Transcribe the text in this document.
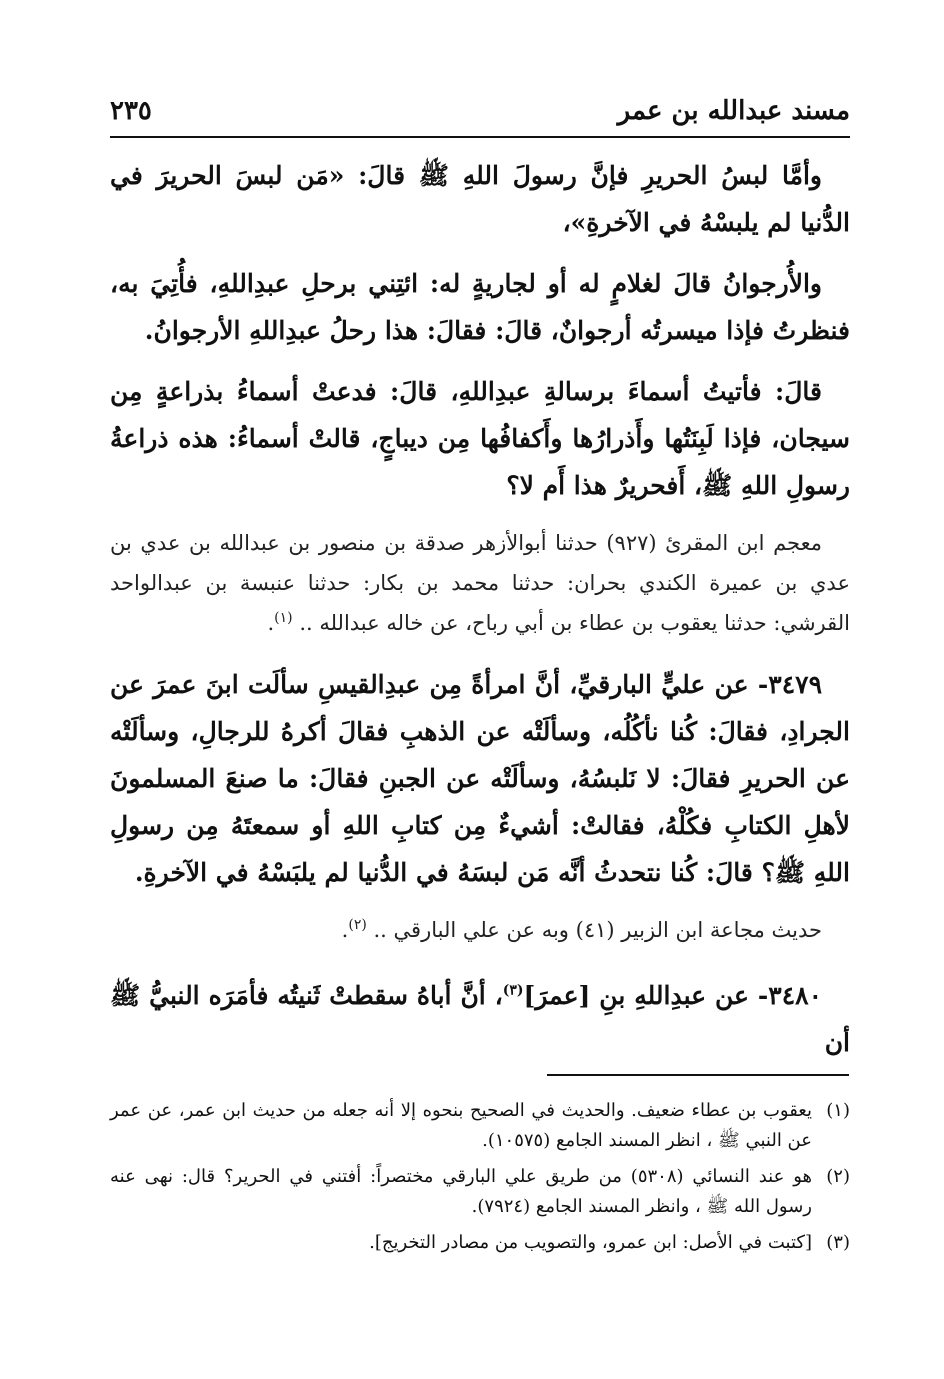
مسند عبدالله بن عمر
٢٣٥

وأمَّا لبسُ الحريرِ فإنَّ رسولَ اللهِ ﷺ قالَ: «مَن لبسَ الحريرَ في الدُّنيا لم يلبسْهُ في الآخرةِ»،

والأُرجوانُ قالَ لغلامٍ له أو لجاريةٍ له: ائتِني برحلِ عبدِاللهِ، فأُتِيَ به، فنظرتُ فإذا ميسرتُه أرجوانٌ، قالَ: فقالَ: هذا رحلُ عبدِاللهِ الأرجوانُ.

قالَ: فأتيتُ أسماءَ برسالةِ عبدِاللهِ، قالَ: فدعتْ أسماءُ بذراعةٍ مِن سيجان، فإذا لَبِنَتُها وأَذرارُها وأَكفافُها مِن ديباجٍ، قالتْ أسماءُ: هذه ذراعةُ رسولِ اللهِ ﷺ، أَفحريرٌ هذا أَم لا؟

معجم ابن المقرئ (٩٢٧) حدثنا أبوالأزهر صدقة بن منصور بن عبدالله بن عدي بن عدي بن عميرة الكندي بحران: حدثنا محمد بن بكار: حدثنا عنبسة بن عبدالواحد القرشي: حدثنا يعقوب بن عطاء بن أبي رباح، عن خاله عبدالله .. $^{(١)}$.

٣٤٧٩- عن عليٍّ البارقيِّ، أنَّ امرأةً مِن عبدِالقيسِ سألَت ابنَ عمرَ عن الجرادِ، فقالَ: كُنا نأكُلُه، وسألَتْه عن الذهبِ فقالَ أكرهُ للرجالِ، وسألَتْه عن الحريرِ فقالَ: لا نَلبسُهُ، وسألَتْه عن الجبنِ فقالَ: ما صنعَ المسلمونَ لأهلِ الكتابِ فكُلْهُ، فقالتْ: أشيءٌ مِن كتابِ اللهِ أو سمعتَهُ مِن رسولِ اللهِ ﷺ؟ قالَ: كُنا نتحدثُ أنَّه مَن لبسَهُ في الدُّنيا لم يلبَسْهُ في الآخرةِ.

حديث مجاعة ابن الزبير (٤١) وبه عن علي البارقي .. $^{(٢)}$.

٣٤٨٠- عن عبدِاللهِ بنِ [عمرَ]$^{(٣)}$، أنَّ أباهُ سقطتْ ثَنيتُه فأمَرَه النبيُّ ﷺ أن

(١)
يعقوب بن عطاء ضعيف. والحديث في الصحيح بنحوه إلا أنه جعله من حديث ابن عمر، عن عمر عن النبي ﷺ ، انظر المسند الجامع (١٠٥٧٥).
(٢)
هو عند النسائي (٥٣٠٨) من طريق علي البارقي مختصراً: أفتني في الحرير؟ قال: نهى عنه رسول الله ﷺ ، وانظر المسند الجامع (٧٩٢٤).
(٣)
[كتبت في الأصل: ابن عمرو، والتصويب من مصادر التخريج].
